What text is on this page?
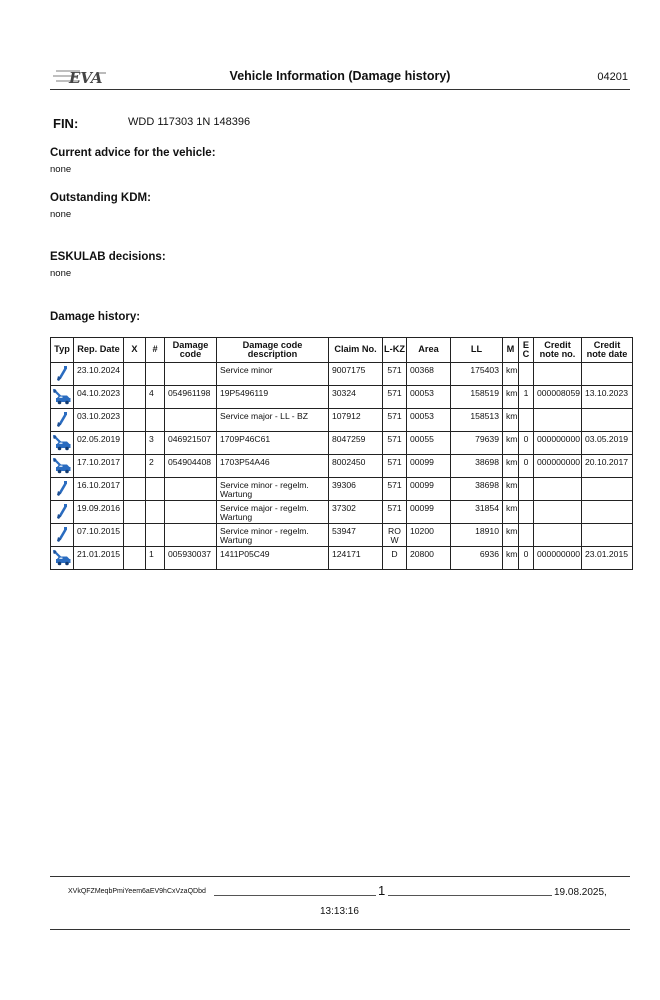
EVA	Vehicle Information (Damage history)	04201
FIN:	WDD 117303 1N 148396
Current advice for the vehicle:
none
Outstanding KDM:
none
ESKULAB decisions:
none
Damage history:
Typ	Rep. Date	X	#	Damage code	Damage code description	Claim No.	L-KZ	Area	LL	M	E C	Credit note no.	Credit note date
	23.10.2024				Service minor	9007175	571	00368	175403	km			
	04.10.2023		4	054961198	19P5496119	30324	571	00053	158519	km	1	000008059	13.10.2023
	03.10.2023				Service major - LL - BZ	107912	571	00053	158513	km			
	02.05.2019		3	046921507	1709P46C61	8047259	571	00055	79639	km	0	000000000	03.05.2019
	17.10.2017		2	054904408	1703P54A46	8002450	571	00099	38698	km	0	000000000	20.10.2017
	16.10.2017				Service minor - regelm. Wartung	39306	571	00099	38698	km			
	19.09.2016				Service major - regelm. Wartung	37302	571	00099	31854	km			
	07.10.2015				Service minor - regelm. Wartung	53947	RO W	10200	18910	km			
	21.01.2015		1	005930037	1411P05C49	124171	D	20800	6936	km	0	000000000	23.01.2015
XVkQFZMeqbPmiYeem6aEV9hCxVzaQDbd	1	19.08.2025,
13:13:16
